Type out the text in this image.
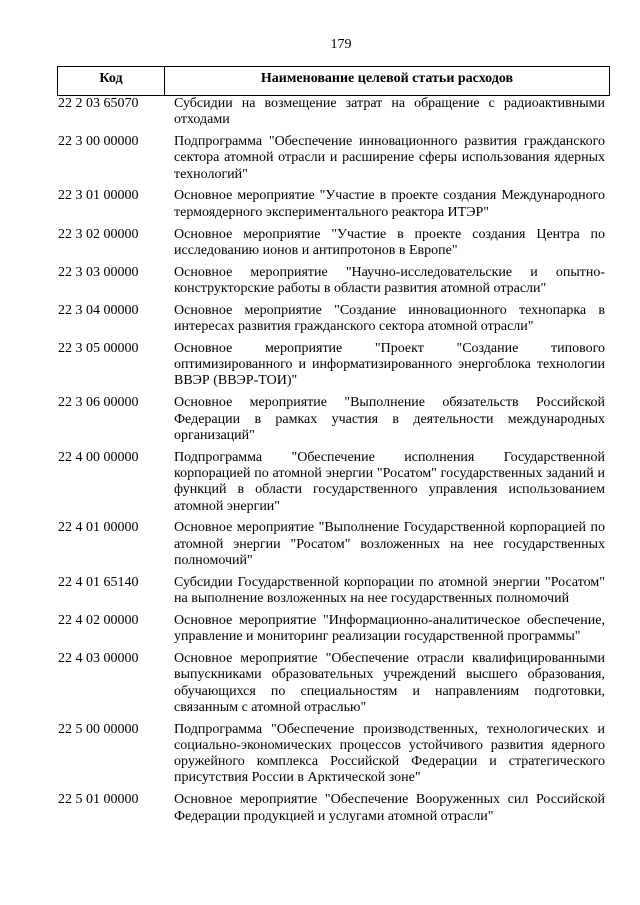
179
Код	Наименование целевой статьи расходов
22 2 03 65070	Субсидии на возмещение затрат на обращение с радиоактивными отходами
22 3 00 00000	Подпрограмма "Обеспечение инновационного развития гражданского сектора атомной отрасли и расширение сферы использования ядерных технологий"
22 3 01 00000	Основное мероприятие "Участие в проекте создания Международного термоядерного экспериментального реактора ИТЭР"
22 3 02 00000	Основное мероприятие "Участие в проекте создания Центра по исследованию ионов и антипротонов в Европе"
22 3 03 00000	Основное мероприятие "Научно-исследовательские и опытно-конструкторские работы в области развития атомной отрасли"
22 3 04 00000	Основное мероприятие "Создание инновационного технопарка в интересах развития гражданского сектора атомной отрасли"
22 3 05 00000	Основное мероприятие "Проект "Создание типового оптимизированного и информатизированного энергоблока технологии ВВЭР (ВВЭР-ТОИ)"
22 3 06 00000	Основное мероприятие "Выполнение обязательств Российской Федерации в рамках участия в деятельности международных организаций"
22 4 00 00000	Подпрограмма "Обеспечение исполнения Государственной корпорацией по атомной энергии "Росатом" государственных заданий и функций в области государственного управления использованием атомной энергии"
22 4 01 00000	Основное мероприятие "Выполнение Государственной корпорацией по атомной энергии "Росатом" возложенных на нее государственных полномочий"
22 4 01 65140	Субсидии Государственной корпорации по атомной энергии "Росатом" на выполнение возложенных на нее государственных полномочий
22 4 02 00000	Основное мероприятие "Информационно-аналитическое обеспечение, управление и мониторинг реализации государственной программы"
22 4 03 00000	Основное мероприятие "Обеспечение отрасли квалифицированными выпускниками образовательных учреждений высшего образования, обучающихся по специальностям и направлениям подготовки, связанным с атомной отраслью"
22 5 00 00000	Подпрограмма "Обеспечение производственных, технологических и социально-экономических процессов устойчивого развития ядерного оружейного комплекса Российской Федерации и стратегического присутствия России в Арктической зоне"
22 5 01 00000	Основное мероприятие "Обеспечение Вооруженных сил Российской Федерации продукцией и услугами атомной отрасли"
